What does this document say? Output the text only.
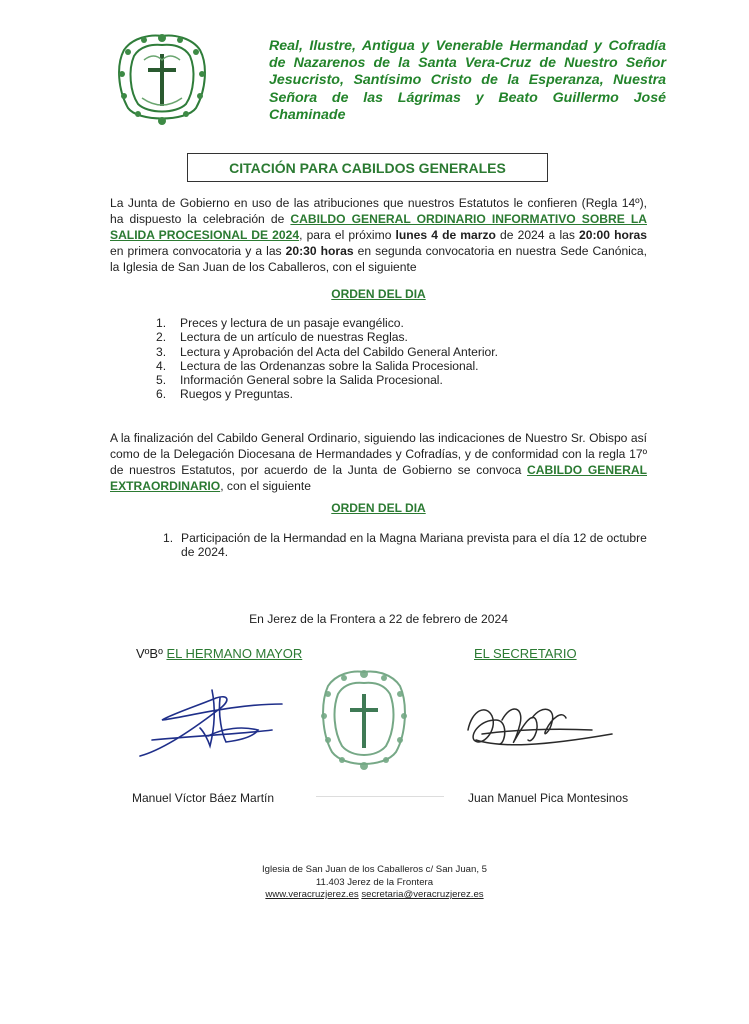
Real, Ilustre, Antigua y Venerable Hermandad y Cofradía de Nazarenos de la Santa Vera-Cruz de Nuestro Señor Jesucristo, Santísimo Cristo de la Esperanza, Nuestra Señora de las Lágrimas y Beato Guillermo José Chaminade
CITACIÓN PARA CABILDOS GENERALES
La Junta de Gobierno en uso de las atribuciones que nuestros Estatutos le confieren (Regla 14º), ha dispuesto la celebración de CABILDO GENERAL ORDINARIO INFORMATIVO SOBRE LA SALIDA PROCESIONAL DE 2024, para el próximo lunes 4 de marzo de 2024 a las 20:00 horas en primera convocatoria y a las 20:30 horas en segunda convocatoria en nuestra Sede Canónica, la Iglesia de San Juan de los Caballeros, con el siguiente
ORDEN DEL DIA
1.	Preces y lectura de un pasaje evangélico.
2.	Lectura de un artículo de nuestras Reglas.
3.	Lectura y Aprobación del Acta del Cabildo General Anterior.
4.	Lectura de las Ordenanzas sobre la Salida Procesional.
5.	Información General sobre la Salida Procesional.
6.	Ruegos y Preguntas.
A la finalización del Cabildo General Ordinario, siguiendo las indicaciones de Nuestro Sr. Obispo así como de la Delegación Diocesana de Hermandades y Cofradías, y de conformidad con la regla 17º de nuestros Estatutos, por acuerdo de la Junta de Gobierno se convoca CABILDO GENERAL EXTRAORDINARIO, con el siguiente
ORDEN DEL DIA
1. Participación de la Hermandad en la Magna Mariana prevista para el día 12 de octubre de 2024.
En Jerez de la Frontera a 22 de febrero de 2024
VºBº EL HERMANO MAYOR	EL SECRETARIO
Manuel Víctor Báez Martín	Juan Manuel Pica Montesinos
Iglesia de San Juan de los Caballeros c/ San Juan, 5
11.403 Jerez de la Frontera
www.veracruzjerez.es secretaria@veracruzjerez.es
